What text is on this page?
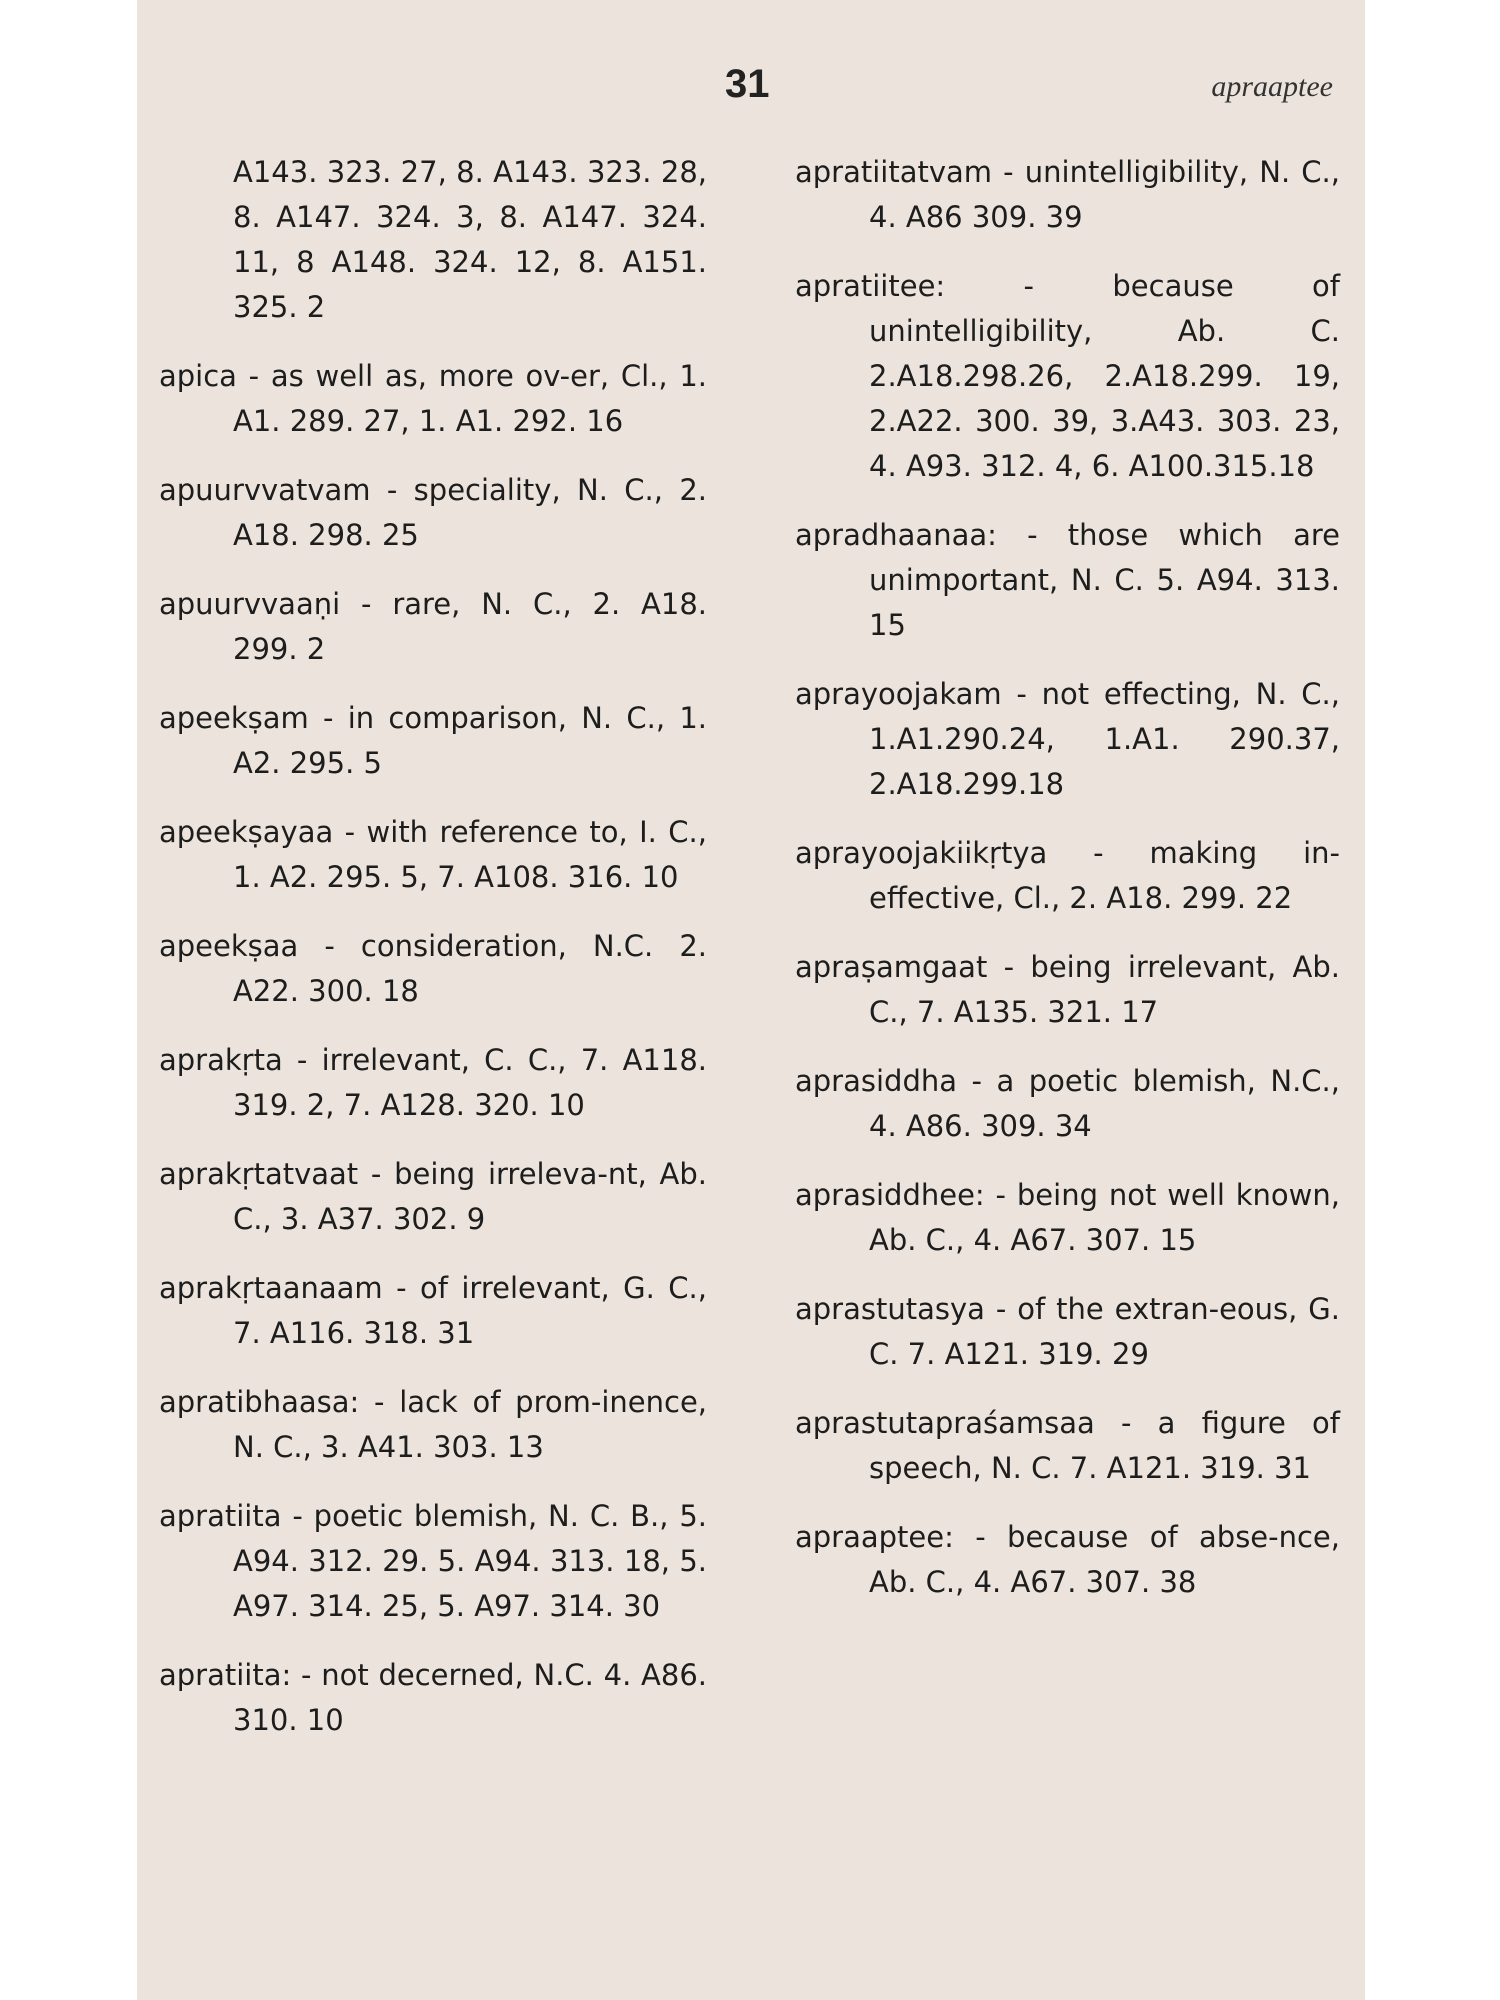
31	apraaptee
A143. 323. 27, 8. A143. 323. 28, 8. A147. 324. 3, 8. A147. 324. 11, 8 A148. 324. 12, 8. A151. 325. 2
apica - as well as, more ov-er, Cl., 1. A1. 289. 27, 1. A1. 292. 16
apuurvvatvam - speciality, N. C., 2. A18. 298. 25
apuurvvaaṇi - rare, N. C., 2. A18. 299. 2
apeekṣam - in comparison, N. C., 1. A2. 295. 5
apeekṣayaa - with reference to, I. C., 1. A2. 295. 5, 7. A108. 316. 10
apeekṣaa - consideration, N.C. 2. A22. 300. 18
aprakṛta - irrelevant, C. C., 7. A118. 319. 2, 7. A128. 320. 10
aprakṛtatvaat - being irreleva-nt, Ab. C., 3. A37. 302. 9
aprakṛtaanaam - of irrelevant, G. C., 7. A116. 318. 31
apratibhaasa: - lack of prom-inence, N. C., 3. A41. 303. 13
apratiita - poetic blemish, N. C. B., 5. A94. 312. 29. 5. A94. 313. 18, 5. A97. 314. 25, 5. A97. 314. 30
apratiita: - not decerned, N.C. 4. A86. 310. 10
apratiitatvam - unintelligibility, N. C., 4. A86 309. 39
apratiitee: - because of unintelligibility, Ab. C. 2.A18.298.26, 2.A18.299. 19, 2.A22. 300. 39, 3.A43. 303. 23, 4. A93. 312. 4, 6. A100.315.18
apradhaanaa: - those which are unimportant, N. C. 5. A94. 313. 15
aprayoojakam - not effecting, N. C., 1.A1.290.24, 1.A1. 290.37, 2.A18.299.18
aprayoojakiikṛtya - making in-effective, Cl., 2. A18. 299. 22
apraṣamgaat - being irrelevant, Ab. C., 7. A135. 321. 17
aprasiddha - a poetic blemish, N.C., 4. A86. 309. 34
aprasiddhee: - being not well known, Ab. C., 4. A67. 307. 15
aprastutasya - of the extran-eous, G. C. 7. A121. 319. 29
aprastutapraśamsaa - a figure of speech, N. C. 7. A121. 319. 31
apraaptee: - because of abse-nce, Ab. C., 4. A67. 307. 38
